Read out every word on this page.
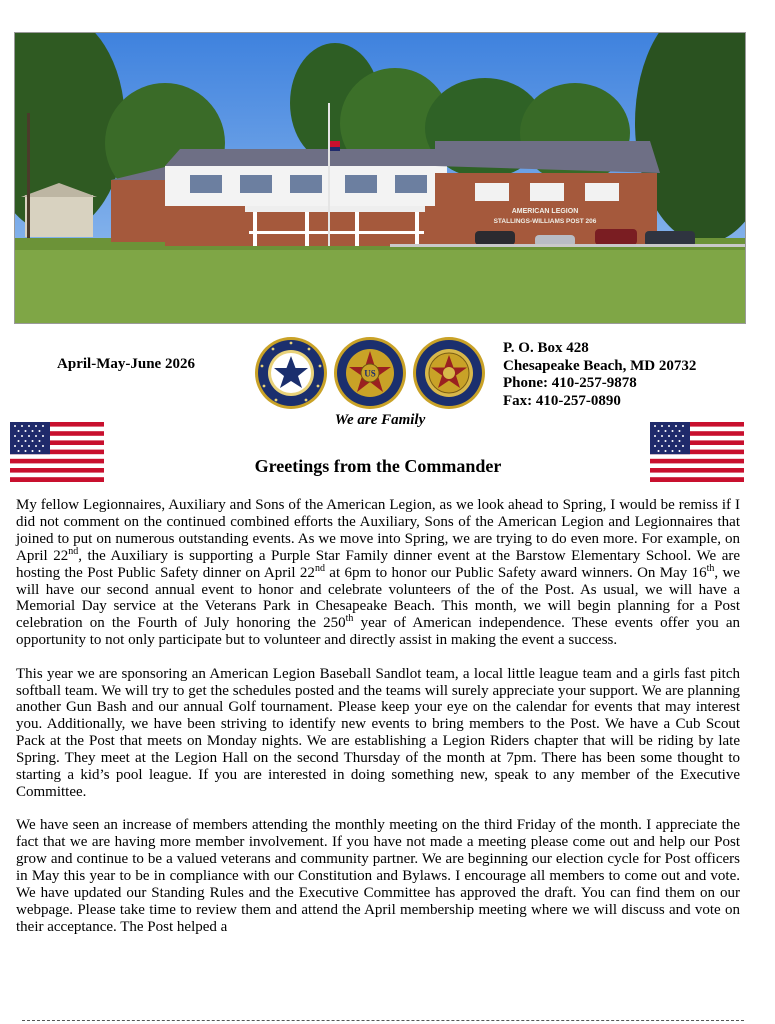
AMERICAN LEGION
STALLINGS-WILLIAMS POST 206
April-May-June 2026
US
We are Family
P. O. Box 428
Chesapeake Beach, MD 20732
Phone: 410-257-9878
Fax: 410-257-0890
Greetings from the Commander

My fellow Legionnaires, Auxiliary and Sons of the American Legion, as we look ahead to Spring, I would be remiss if I did not comment on the continued combined efforts the Auxiliary, Sons of the American Legion and Legionnaires that joined to put on numerous outstanding events. As we move into Spring, we are trying to do even more. For example, on April 22nd, the Auxiliary is supporting a Purple Star Family dinner event at the Barstow Elementary School. We are hosting the Post Public Safety dinner on April 22nd at 6pm to honor our Public Safety award winners. On May 16th, we will have our second annual event to honor and celebrate volunteers of the of the Post. As usual, we will have a Memorial Day service at the Veterans Park in Chesapeake Beach. This month, we will begin planning for a Post celebration on the Fourth of July honoring the 250th year of American independence. These events offer you an opportunity to not only participate but to volunteer and directly assist in making the event a success.

This year we are sponsoring an American Legion Baseball Sandlot team, a local little league team and a girls fast pitch softball team. We will try to get the schedules posted and the teams will surely appreciate your support. We are planning another Gun Bash and our annual Golf tournament. Please keep your eye on the calendar for events that may interest you. Additionally, we have been striving to identify new events to bring members to the Post. We have a Cub Scout Pack at the Post that meets on Monday nights. We are establishing a Legion Riders chapter that will be riding by late Spring. They meet at the Legion Hall on the second Thursday of the month at 7pm. There has been some thought to starting a kid’s pool league. If you are interested in doing something new, speak to any member of the Executive Committee.

We have seen an increase of members attending the monthly meeting on the third Friday of the month. I appreciate the fact that we are having more member involvement. If you have not made a meeting please come out and help our Post grow and continue to be a valued veterans and community partner. We are beginning our election cycle for Post officers in May this year to be in compliance with our Constitution and Bylaws. I encourage all members to come out and vote. We have updated our Standing Rules and the Executive Committee has approved the draft. You can find them on our webpage. Please take time to review them and attend the April membership meeting where we will discuss and vote on their acceptance. The Post helped a
